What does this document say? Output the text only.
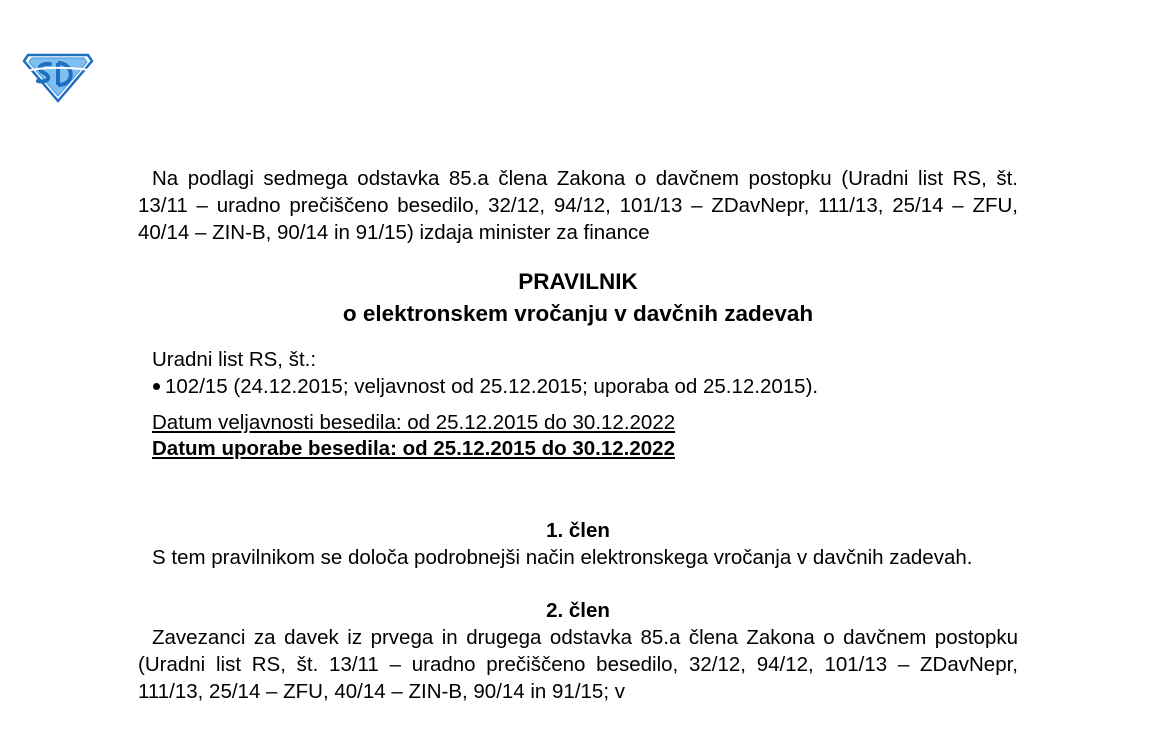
Na podlagi sedmega odstavka 85.a člena Zakona o davčnem postopku (Uradni list RS, št. 13/11 – uradno prečiščeno besedilo, 32/12, 94/12, 101/13 – ZDavNepr, 111/13, 25/14 – ZFU, 40/14 – ZIN-B, 90/14 in 91/15) izdaja minister za finance

PRAVILNIK
o elektronskem vročanju v davčnih zadevah

Uradni list RS, št.:

102/15 (24.12.2015; veljavnost od 25.12.2015; uporaba od 25.12.2015).

Datum veljavnosti besedila: od 25.12.2015 do 30.12.2022

Datum uporabe besedila: od 25.12.2015 do 30.12.2022

1. člen

S tem pravilnikom se določa podrobnejši način elektronskega vročanja v davčnih zadevah.

2. člen

Zavezanci za davek iz prvega in drugega odstavka 85.a člena Zakona o davčnem postopku (Uradni list RS, št. 13/11 – uradno prečiščeno besedilo, 32/12, 94/12, 101/13 – ZDavNepr, 111/13, 25/14 – ZFU, 40/14 – ZIN-B, 90/14 in 91/15; v
